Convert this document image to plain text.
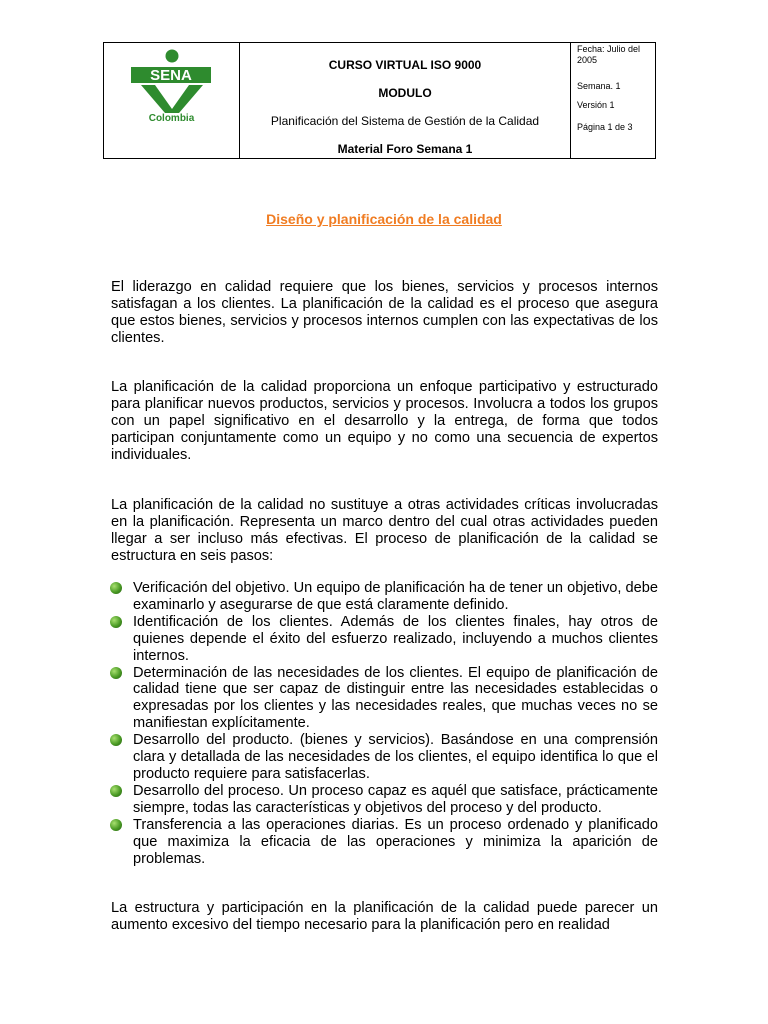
SENA
Colombia
CURSO VIRTUAL ISO 9000
MODULO
Planificación del Sistema de Gestión de la Calidad
Material Foro Semana 1
Fecha: Julio del 2005
Semana. 1
Versión 1
Página 1 de 3
Diseño y planificación de la calidad

El liderazgo en calidad requiere que los bienes, servicios y procesos internos satisfagan a los clientes. La planificación de la calidad es el proceso que asegura que estos bienes, servicios y procesos internos cumplen con las expectativas de los clientes.

La planificación de la calidad proporciona un enfoque participativo y estructurado para planificar nuevos productos, servicios y procesos. Involucra a todos los grupos con un papel significativo en el desarrollo y la entrega, de forma que todos participan conjuntamente como un equipo y no como una secuencia de expertos individuales.

La planificación de la calidad no sustituye a otras actividades críticas involucradas en la planificación. Representa un marco dentro del cual otras actividades pueden llegar a ser incluso más efectivas. El proceso de planificación de la calidad se estructura en seis pasos:

Verificación del objetivo. Un equipo de planificación ha de tener un objetivo, debe examinarlo y asegurarse de que está claramente definido.
Identificación de los clientes. Además de los clientes finales, hay otros de quienes depende el éxito del esfuerzo realizado, incluyendo a muchos clientes internos.
Determinación de las necesidades de los clientes. El equipo de planificación de calidad tiene que ser capaz de distinguir entre las necesidades establecidas o expresadas por los clientes y las necesidades reales, que muchas veces no se manifiestan explícitamente.
Desarrollo del producto. (bienes y servicios). Basándose en una comprensión clara y detallada de las necesidades de los clientes, el equipo identifica lo que el producto requiere para satisfacerlas.
Desarrollo del proceso. Un proceso capaz es aquél que satisface, prácticamente siempre, todas las características y objetivos del proceso y del producto.
Transferencia a las operaciones diarias. Es un proceso ordenado y planificado que maximiza la eficacia de las operaciones y minimiza la aparición de problemas.

La estructura y participación en la planificación de la calidad puede parecer un aumento excesivo del tiempo necesario para la planificación pero en realidad
